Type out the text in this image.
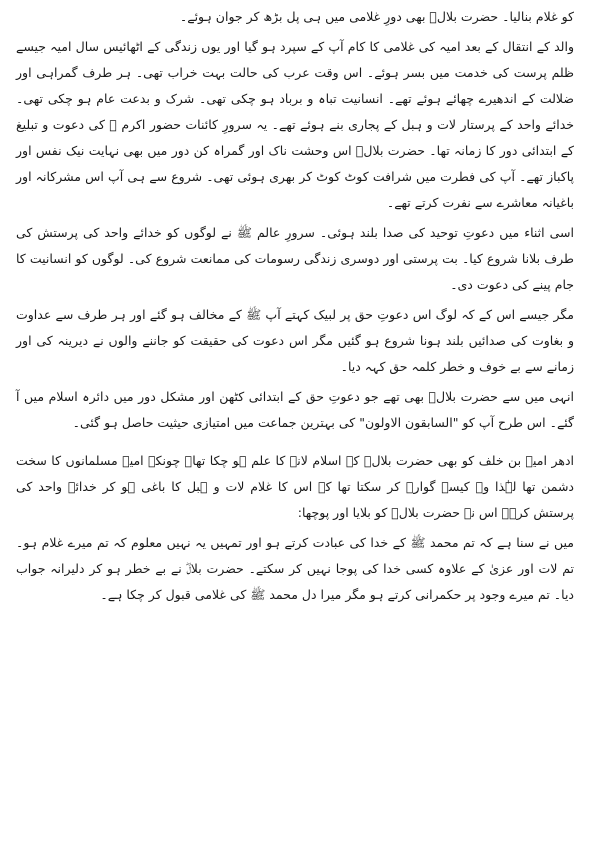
کو غلام بنالیا۔ حضرت بلالؓ بھی دورِ غلامی میں ہی پل بڑھ کر جوان ہوئے۔

والد کے انتقال کے بعد امیہ کی غلامی کا کام آپ کے سپرد ہو گیا اور یوں زندگی کے اٹھائیس سال امیہ جیسے ظلم پرست کی خدمت میں بسر ہوئے۔ اس وقت عرب کی حالت بہت خراب تھی۔ ہر طرف گمراہی اور ضلالت کے اندھیرے چھائے ہوئے تھے۔ انسانیت تباہ و برباد ہو چکی تھی۔ شرک و بدعت عام ہو چکی تھی۔ خدائے واحد کے پرستار لات و ہبل کے پجاری بنے ہوئے تھے۔ یہ سرورِ کائنات حضور اکرم ﷺ کی دعوت و تبلیغ کے ابتدائی دور کا زمانہ تھا۔ حضرت بلالؓ اس وحشت ناک اور گمراہ کن دور میں بھی نہایت نیک نفس اور پاکباز تھے۔ آپ کی فطرت میں شرافت کوٹ کوٹ کر بھری ہوئی تھی۔ شروع سے ہی آپ اس مشرکانہ اور باغیانہ معاشرے سے نفرت کرتے تھے۔

اسی اثناء میں دعوتِ توحید کی صدا بلند ہوئی۔ سرورِ عالم ﷺ نے لوگوں کو خدائے واحد کی پرستش کی طرف بلانا شروع کیا۔ بت پرستی اور دوسری زندگی رسومات کی ممانعت شروع کی۔ لوگوں کو انسانیت کا جام پینے کی دعوت دی۔

مگر جیسے اس کے کہ لوگ اس دعوتِ حق پر لبیک کہتے آپ ﷺ کے مخالف ہو گئے اور ہر طرف سے عداوت و بغاوت کی صدائیں بلند ہونا شروع ہو گئیں مگر اس دعوت کی حقیقت کو جاننے والوں نے دیرینہ کی اور زمانے سے بے خوف و خطر کلمہ حق کہہ دیا۔

انہی میں سے حضرت بلالؓ بھی تھے جو دعوتِ حق کے ابتدائی کٹھن اور مشکل دور میں دائرہ اسلام میں آ گئے۔ اس طرح آپ کو "السابقون الاولون" کی بہترین جماعت میں امتیازی حیثیت حاصل ہو گئی۔

ادھر امیہ بن خلف کو بھی حضرت بلالؓ کے اسلام لانے کا علم ہو چکا تھا۔ چونکہ امیہ مسلمانوں کا سخت دشمن تھا لہٰذا وہ کیسے گوارہ کر سکتا تھا کہ اس کا غلام لات و ہبل کا باغی ہو کر خدائے واحد کی پرستش کرے۔ اس نے حضرت بلالؓ کو بلایا اور پوچھا:

میں نے سنا ہے کہ تم محمد ﷺ کے خدا کی عبادت کرتے ہو اور تمہیں یہ نہیں معلوم کہ تم میرے غلام ہو۔ تم لات اور عزیٰ کے علاوہ کسی خدا کی پوجا نہیں کر سکتے۔ حضرت بلالؓ نے بے خطر ہو کر دلیرانہ جواب دیا۔ تم میرے وجود پر حکمرانی کرتے ہو مگر میرا دل محمد ﷺ کی غلامی قبول کر چکا ہے۔
